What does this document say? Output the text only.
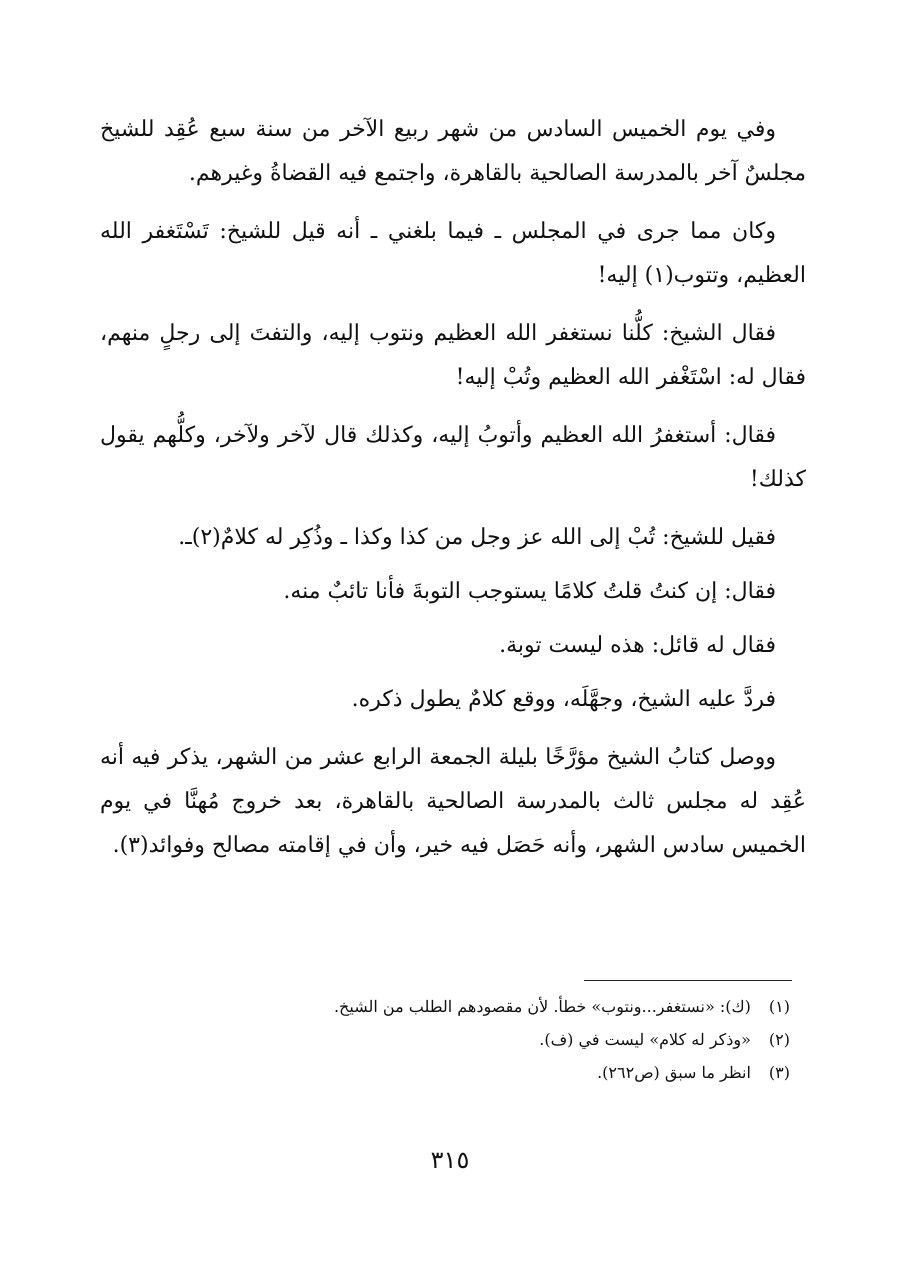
وفي يوم الخميس السادس من شهر ربيع الآخر من سنة سبع عُقِد للشيخ مجلسٌ آخر بالمدرسة الصالحية بالقاهرة، واجتمع فيه القضاةُ وغيرهم.

وكان مما جرى في المجلس ـ فيما بلغني ـ أنه قيل للشيخ: تَسْتَغفر الله العظيم، وتتوب(١) إليه!

فقال الشيخ: كلُّنا نستغفر الله العظيم ونتوب إليه، والتفتَ إلى رجلٍ منهم، فقال له: اسْتَغْفر الله العظيم وتُبْ إليه!

فقال: أستغفرُ الله العظيم وأتوبُ إليه، وكذلك قال لآخر ولآخر، وكلُّهم يقول كذلك!

فقيل للشيخ: تُبْ إلى الله عز وجل من كذا وكذا ـ وذُكِر له كلامٌ(٢)ـ.

فقال: إن كنتُ قلتُ كلامًا يستوجب التوبةَ فأنا تائبٌ منه.

فقال له قائل: هذه ليست توبة.

فردَّ عليه الشيخ، وجهَّلَه، ووقع كلامٌ يطول ذكره.

ووصل كتابُ الشيخ مؤرَّخًا بليلة الجمعة الرابع عشر من الشهر، يذكر فيه أنه عُقِد له مجلس ثالث بالمدرسة الصالحية بالقاهرة، بعد خروج مُهنَّا في يوم الخميس سادس الشهر، وأنه حَصَل فيه خير، وأن في إقامته مصالح وفوائد(٣).

(١) (ك): «نستغفر...ونتوب» خطأ. لأن مقصودهم الطلب من الشيخ.

(٢) «وذكر له كلام» ليست في (ف).

(٣) انظر ما سبق (ص٢٦٢).

٣١٥
